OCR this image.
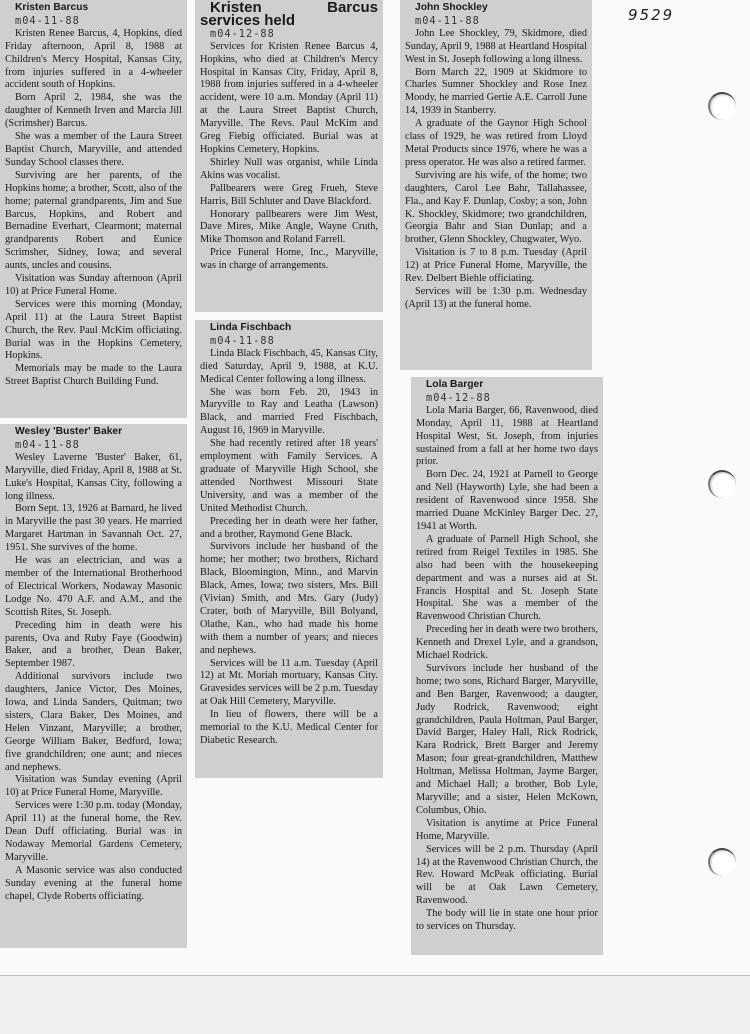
9529

Kristen Barcus

m04-11-88

Kristen Renee Barcus, 4, Hopkins, died Friday afternoon, April 8, 1988 at Children's Mercy Hospital, Kansas City, from injuries suffered in a 4-wheeler accident south of Hopkins.

Born April 2, 1984, she was the daughter of Kenneth Irven and Marcia Jill (Scrimsher) Barcus.

She was a member of the Laura Street Baptist Church, Maryville, and attended Sunday School classes there.

Surviving are her parents, of the Hopkins home; a brother, Scott, also of the home; paternal grandparents, Jim and Sue Barcus, Hopkins, and Robert and Bernadine Everhart, Clearmont; maternal grandparents Robert and Eunice Scrimsher, Sidney, Iowa; and several aunts, uncles and cousins.

Visitation was Sunday afternoon (April 10) at Price Funeral Home.

Services were this morning (Monday, April 11) at the Laura Street Baptist Church, the Rev. Paul McKim officiating. Burial was in the Hopkins Cemetery, Hopkins.

Memorials may be made to the Laura Street Baptist Church Building Fund.

Wesley 'Buster' Baker

m04-11-88

Wesley Laverne 'Buster' Baker, 61, Maryville, died Friday, April 8, 1988 at St. Luke's Hospital, Kansas City, following a long illness.

Born Sept. 13, 1926 at Barnard, he lived in Maryville the past 30 years. He married Margaret Hartman in Savannah Oct. 27, 1951. She survives of the home.

He was an electrician, and was a member of the International Brotherhood of Electrical Workers, Nodaway Masonic Lodge No. 470 A.F. and A.M., and the Scottish Rites, St. Joseph.

Preceding him in death were his parents, Ova and Ruby Faye (Goodwin) Baker, and a brother, Dean Baker, September 1987.

Additional survivors include two daughters, Janice Victor, Des Moines, Iowa, and Linda Sanders, Quitman; two sisters, Clara Baker, Des Moines, and Helen Vinzant, Maryville; a brother, George William Baker, Bedford, Iowa; five grandchildren; one aunt; and nieces and nephews.

Visitation was Sunday evening (April 10) at Price Funeral Home, Maryville.

Services were 1:30 p.m. today (Monday, April 11) at the funeral home, the Rev. Dean Duff officiating. Burial was in Nodaway Memorial Gardens Cemetery, Maryville.

A Masonic service was also conducted Sunday evening at the funeral home chapel, Clyde Roberts officiating.

Kristen Barcus services held

m04-12-88

Services for Kristen Renee Barcus 4, Hopkins, who died at Children's Mercy Hospital in Kansas City, Friday, April 8, 1988 from injuries suffered in a 4-wheeler accident, were 10 a.m. Monday (April 11) at the Laura Street Baptist Church, Maryville. The Revs. Paul McKim and Greg Fiebig officiated. Burial was at Hopkins Cemetery, Hopkins.

Shirley Null was organist, while Linda Akins was vocalist.

Pallbearers were Greg Frueh, Steve Harris, Bill Schluter and Dave Blackford.

Honorary pallbearers were Jim West, Dave Mires, Mike Angle, Wayne Cruth, Mike Thomson and Roland Farrell.

Price Funeral Home, Inc., Maryville, was in charge of arrangements.

Linda Fischbach

m04-11-88

Linda Black Fischbach, 45, Kansas City, died Saturday, April 9, 1988, at K.U. Medical Center following a long illness.

She was born Feb. 20, 1943 in Maryville to Ray and Leatha (Lawson) Black, and married Fred Fischbach, August 16, 1969 in Maryville.

She had recently retired after 18 years' employment with Family Services. A graduate of Maryville High School, she attended Northwest Missouri State University, and was a member of the United Methodist Church.

Preceding her in death were her father, and a brother, Raymond Gene Black.

Survivors include her husband of the home; her mother; two brothers, Richard Black, Bloomington, Minn., and Marvin Black, Ames, Iowa; two sisters, Mrs. Bill (Vivian) Smith, and Mrs. Gary (Judy) Crater, both of Maryville, Bill Bolyand, Olathe, Kan., who had made his home with them a number of years; and nieces and nephews.

Services will be 11 a.m. Tuesday (April 12) at Mt. Moriah mortuary, Kansas City. Gravesides services will be 2 p.m. Tuesday at Oak Hill Cemetery, Maryville.

In lieu of flowers, there will be a memorial to the K.U. Medical Center for Diabetic Research.

John Shockley

m04-11-88

John Lee Shockley, 79, Skidmore, died Sunday, April 9, 1988 at Heartland Hospital West in St. Joseph following a long illness.

Born March 22, 1909 at Skidmore to Charles Sumner Shockley and Rose Inez Moody, he married Gertie A.E. Carroll June 14, 1939 in Stanberry.

A graduate of the Gaynor High School class of 1929, he was retired from Lloyd Metal Products since 1976, where he was a press operator. He was also a retired farmer.

Surviving are his wife, of the home; two daughters, Carol Lee Bahr, Tallahassee, Fla., and Kay F. Dunlap, Cosby; a son, John K. Shockley, Skidmore; two grandchildren, Georgia Bahr and Sian Dunlap; and a brother, Glenn Shockley, Chugwater, Wyo.

Visitation is 7 to 8 p.m. Tuesday (April 12) at Price Funeral Home, Maryville, the Rev. Delbert Biehle officiating.

Services will be 1:30 p.m. Wednesday (April 13) at the funeral home.

Lola Barger

m04-12-88

Lola Maria Barger, 66, Ravenwood, died Monday, April 11, 1988 at Heartland Hospital West, St. Joseph, from injuries sustained from a fall at her home two days prior.

Born Dec. 24, 1921 at Parnell to George and Nell (Hayworth) Lyle, she had been a resident of Ravenwood since 1958. She married Duane McKinley Barger Dec. 27, 1941 at Worth.

A graduate of Parnell High School, she retired from Reigel Textiles in 1985. She also had been with the housekeeping department and was a nurses aid at St. Francis Hospital and St. Joseph State Hospital. She was a member of the Ravenwood Christian Church.

Preceding her in death were two brothers, Kenneth and Drexel Lyle, and a grandson, Michael Rodrick.

Survivors include her husband of the home; two sons, Richard Barger, Maryville, and Ben Barger, Ravenwood; a daugter, Judy Rodrick, Ravenwood; eight grandchildren, Paula Holtman, Paul Barger, David Barger, Haley Hall, Rick Rodrick, Kara Rodrick, Brett Barger and Jeremy Mason; four great-grandchildren, Matthew Holtman, Melissa Holtman, Jayme Barger, and Michael Hall; a brother, Bob Lyle, Maryville; and a sister, Helen McKown, Columbus, Ohio.

Visitation is anytime at Price Funeral Home, Maryville.

Services will be 2 p.m. Thursday (April 14) at the Ravenwood Christian Church, the Rev. Howard McPeak officiating. Burial will be at Oak Lawn Cemetery, Ravenwood.

The body will lie in state one hour prior to services on Thursday.
